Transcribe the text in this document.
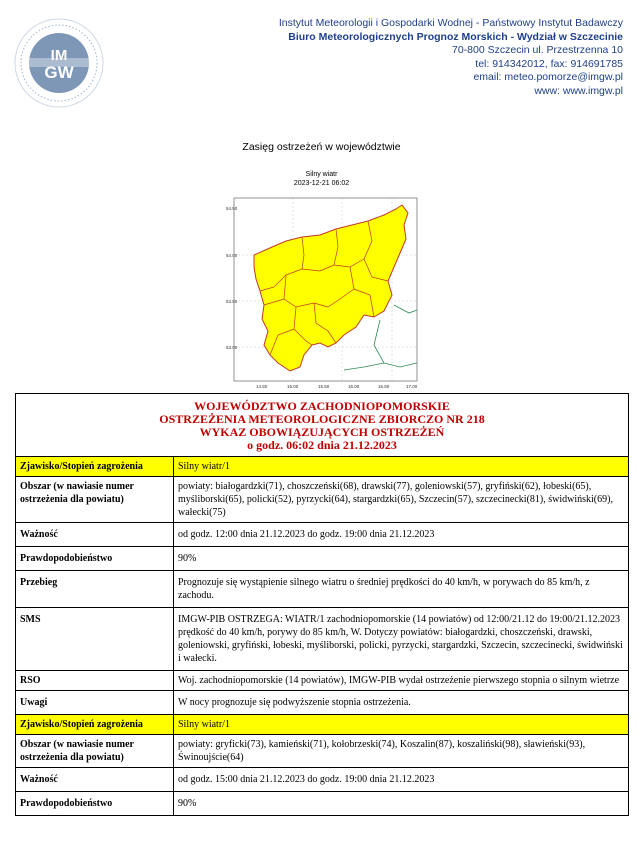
IM
GW
Instytut Meteorologii i Gospodarki Wodnej - Państwowy Instytut Badawczy
Biuro Meteorologicznych Prognoz Morskich - Wydział w Szczecinie
70-800 Szczecin ul. Przestrzenna 10
tel: 914342012, fax: 914691785
email: meteo.pomorze@imgw.pl
www: www.imgw.pl
Zasięg ostrzeżeń w województwie
Silny wiatr
2023-12-21 06:02
54.50
54.00
53.50
53.00
14.50	15.00	15.50	16.00	16.50	17.00
WOJEWÓDZTWO ZACHODNIOPOMORSKIE
OSTRZEŻENIA METEOROLOGICZNE ZBIORCZO NR 218
WYKAZ OBOWIĄZUJĄCYCH OSTRZEŻEŃ
o godz. 06:02 dnia 21.12.2023	

Zjawisko/Stopień zagrożenia	Silny wiatr/1
Obszar (w nawiasie numer ostrzeżenia dla powiatu)	powiaty: białogardzki(71), choszczeński(68), drawski(77), goleniowski(57), gryfiński(62), łobeski(65), myśliborski(65), policki(52), pyrzycki(64), stargardzki(65), Szczecin(57), szczecinecki(81), świdwiński(69), wałecki(75)
Ważność	od godz. 12:00 dnia 21.12.2023 do godz. 19:00 dnia 21.12.2023
Prawdopodobieństwo	90%
Przebieg	Prognozuje się wystąpienie silnego wiatru o średniej prędkości do 40 km/h, w porywach do 85 km/h, z zachodu.
SMS	IMGW-PIB OSTRZEGA: WIATR/1 zachodniopomorskie (14 powiatów) od 12:00/21.12 do 19:00/21.12.2023 prędkość do 40 km/h, porywy do 85 km/h, W. Dotyczy powiatów: białogardzki, choszczeński, drawski, goleniowski, gryfiński, łobeski, myśliborski, policki, pyrzycki, stargardzki, Szczecin, szczecinecki, świdwiński i wałecki.
RSO	Woj. zachodniopomorskie (14 powiatów), IMGW-PIB wydał ostrzeżenie pierwszego stopnia o silnym wietrze
Uwagi	W nocy prognozuje się podwyższenie stopnia ostrzeżenia.
Zjawisko/Stopień zagrożenia	Silny wiatr/1
Obszar (w nawiasie numer ostrzeżenia dla powiatu)	powiaty: gryficki(73), kamieński(71), kołobrzeski(74), Koszalin(87), koszaliński(98), sławieński(93), Świnoujście(64)
Ważność	od godz. 15:00 dnia 21.12.2023 do godz. 19:00 dnia 21.12.2023
Prawdopodobieństwo	90%
